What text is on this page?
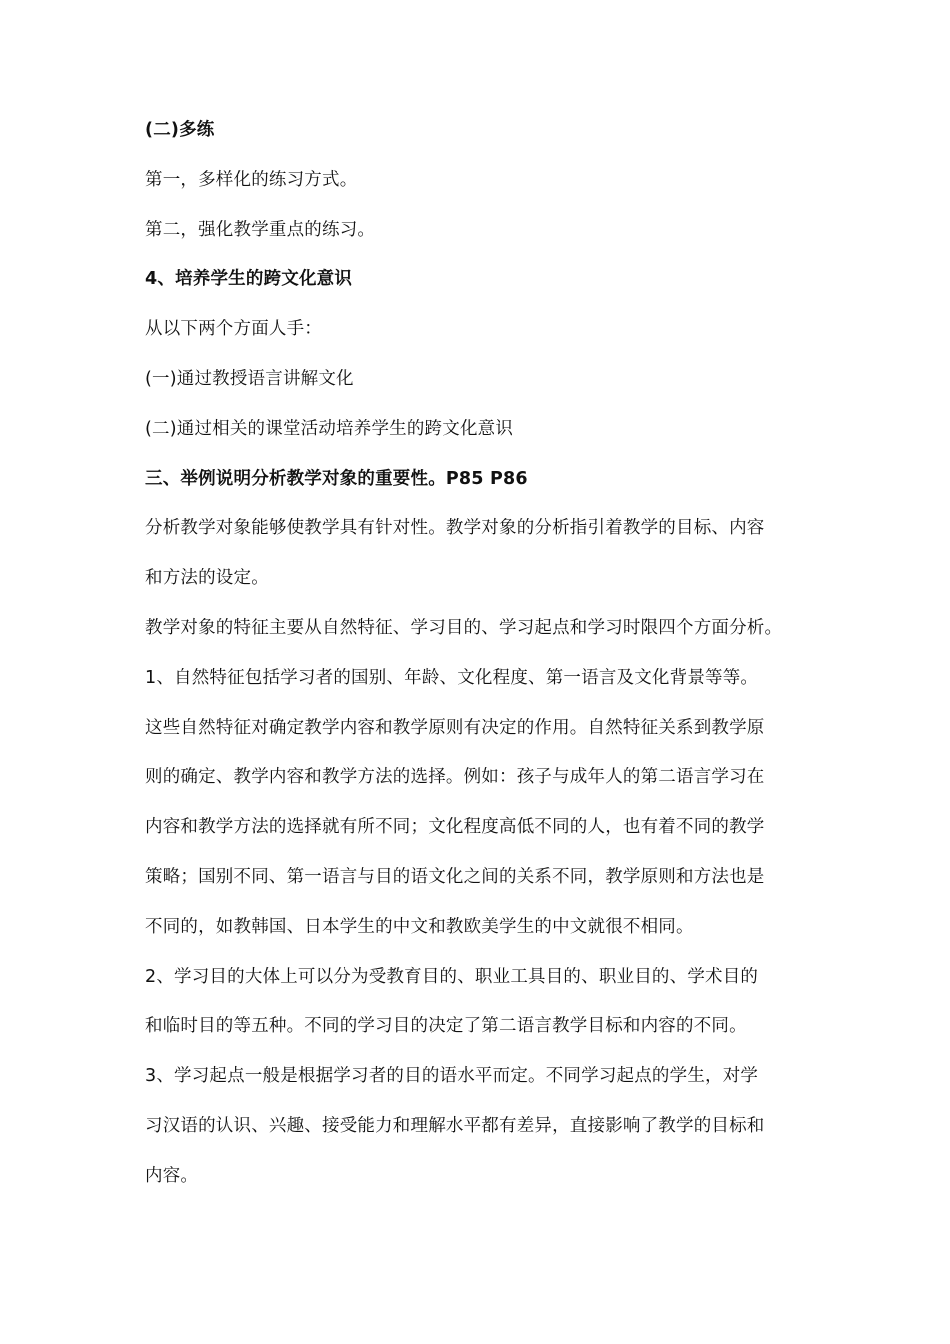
(二)多练
第一，多样化的练习方式。
第二，强化教学重点的练习。
4、培养学生的跨文化意识
从以下两个方面人手：
(一)通过教授语言讲解文化
(二)通过相关的课堂活动培养学生的跨文化意识
三、举例说明分析教学对象的重要性。P85 P86
分析教学对象能够使教学具有针对性。教学对象的分析指引着教学的目标、内容
和方法的设定。
教学对象的特征主要从自然特征、学习目的、学习起点和学习时限四个方面分析。
1、自然特征包括学习者的国别、年龄、文化程度、第一语言及文化背景等等。
这些自然特征对确定教学内容和教学原则有决定的作用。自然特征关系到教学原
则的确定、教学内容和教学方法的选择。例如：孩子与成年人的第二语言学习在
内容和教学方法的选择就有所不同；文化程度高低不同的人，也有着不同的教学
策略；国别不同、第一语言与目的语文化之间的关系不同，教学原则和方法也是
不同的，如教韩国、日本学生的中文和教欧美学生的中文就很不相同。
2、学习目的大体上可以分为受教育目的、职业工具目的、职业目的、学术目的
和临时目的等五种。不同的学习目的决定了第二语言教学目标和内容的不同。
3、学习起点一般是根据学习者的目的语水平而定。不同学习起点的学生，对学
习汉语的认识、兴趣、接受能力和理解水平都有差异，直接影响了教学的目标和
内容。
